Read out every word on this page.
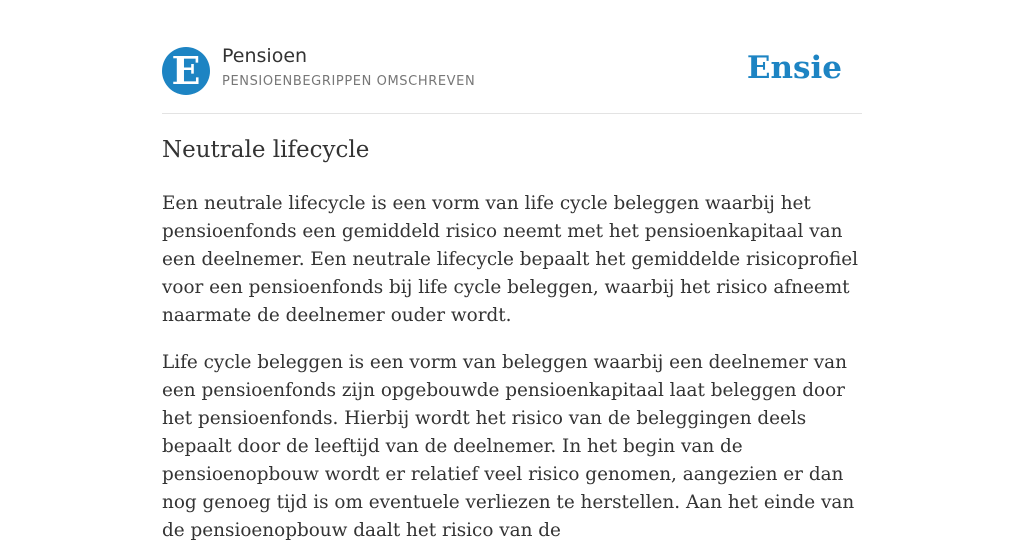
E	Pensioen
PENSIOENBEGRIPPEN OMSCHREVEN	Ensie
Neutrale lifecycle

Een neutrale lifecycle is een vorm van life cycle beleggen waarbij het pensioenfonds een gemiddeld risico neemt met het pensioenkapitaal van een deelnemer. Een neutrale lifecycle bepaalt het gemiddelde risicoprofiel voor een pensioenfonds bij life cycle beleggen, waarbij het risico afneemt naarmate de deelnemer ouder wordt.

Life cycle beleggen is een vorm van beleggen waarbij een deelnemer van een pensioenfonds zijn opgebouwde pensioenkapitaal laat beleggen door het pensioenfonds. Hierbij wordt het risico van de beleggingen deels bepaalt door de leeftijd van de deelnemer. In het begin van de pensioenopbouw wordt er relatief veel risico genomen, aangezien er dan nog genoeg tijd is om eventuele verliezen te herstellen. Aan het einde van de pensioenopbouw daalt het risico van de
